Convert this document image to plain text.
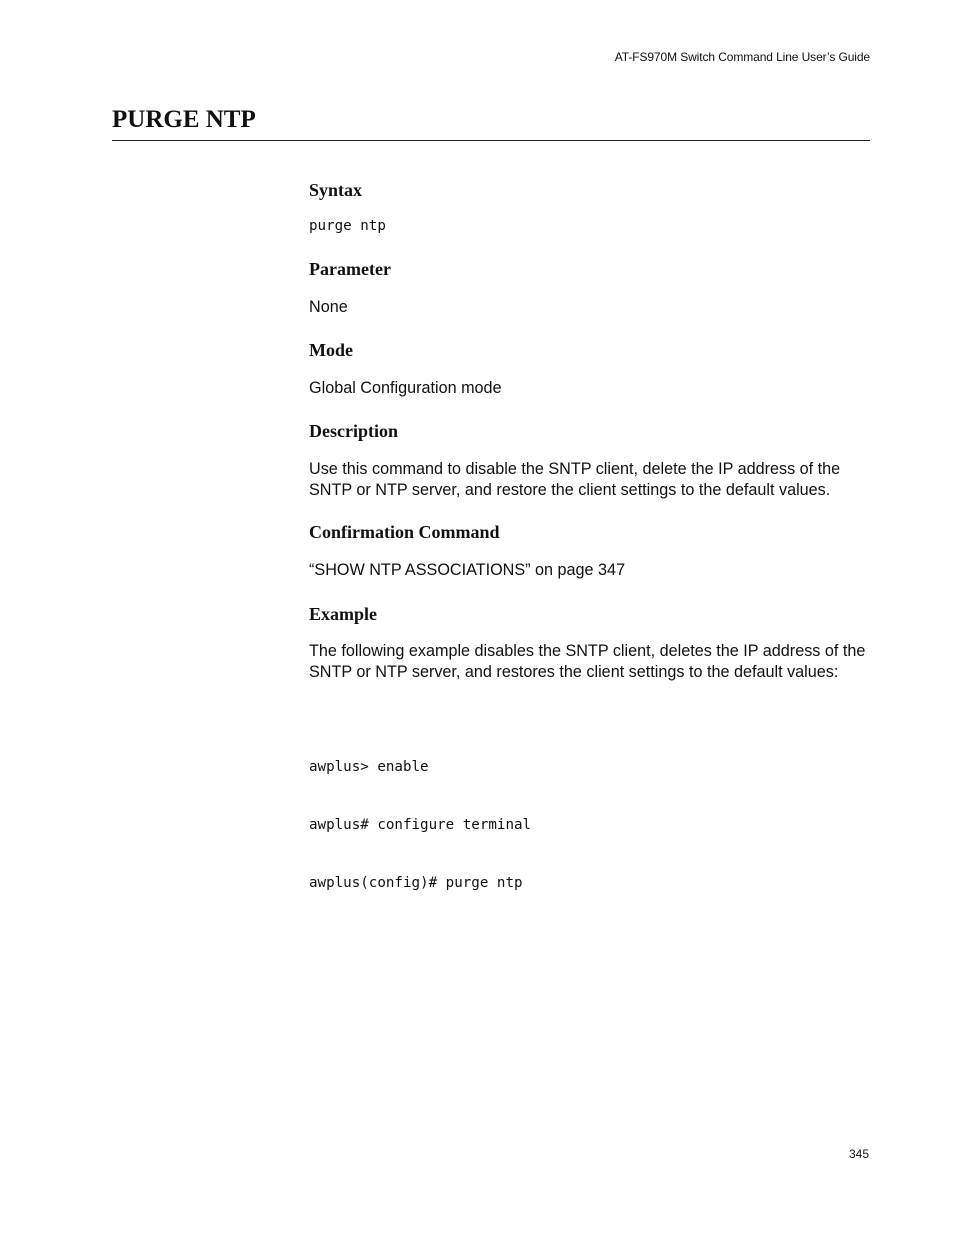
AT-FS970M Switch Command Line User’s Guide
PURGE NTP
Syntax
purge ntp
Parameter

None

Mode

Global Configuration mode

Description

Use this command to disable the SNTP client, delete the IP address of the SNTP or NTP server, and restore the client settings to the default values.

Confirmation Command

“SHOW NTP ASSOCIATIONS” on page 347

Example

The following example disables the SNTP client, deletes the IP address of the SNTP or NTP server, and restores the client settings to the default values:

awplus> enable

awplus# configure terminal

awplus(config)# purge ntp

345
